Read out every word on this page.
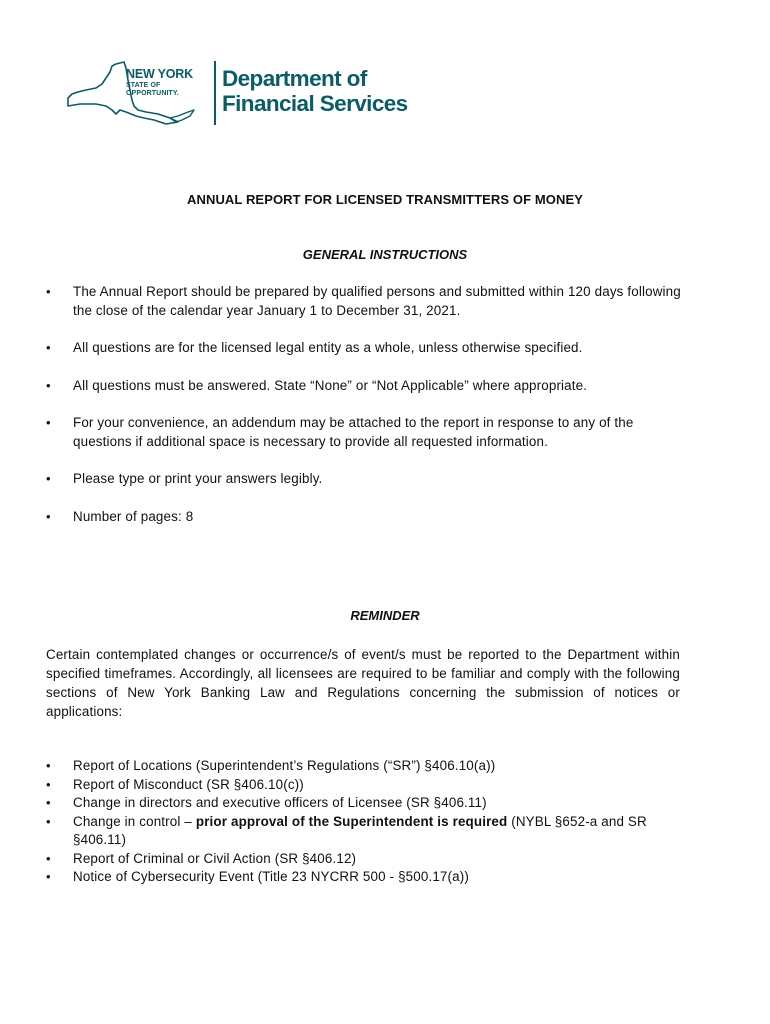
NEW YORK
STATE OF
OPPORTUNITY.
Department of
Financial Services
ANNUAL REPORT FOR LICENSED TRANSMITTERS OF MONEY
GENERAL INSTRUCTIONS
• The Annual Report should be prepared by qualified persons and submitted within 120 days following the close of the calendar year January 1 to December 31, 2021.
• All questions are for the licensed legal entity as a whole, unless otherwise specified.
• All questions must be answered. State “None” or “Not Applicable” where appropriate.
• For your convenience, an addendum may be attached to the report in response to any of the questions if additional space is necessary to provide all requested information.
• Please type or print your answers legibly.
• Number of pages: 8
REMINDER
Certain contemplated changes or occurrence/s of event/s must be reported to the Department within specified timeframes. Accordingly, all licensees are required to be familiar and comply with the following sections of New York Banking Law and Regulations concerning the submission of notices or applications:
• Report of Locations (Superintendent’s Regulations (“SR”) §406.10(a))
• Report of Misconduct (SR §406.10(c))
• Change in directors and executive officers of Licensee (SR §406.11)
• Change in control – prior approval of the Superintendent is required (NYBL §652-a and SR §406.11)
• Report of Criminal or Civil Action (SR §406.12)
• Notice of Cybersecurity Event (Title 23 NYCRR 500 - §500.17(a))
